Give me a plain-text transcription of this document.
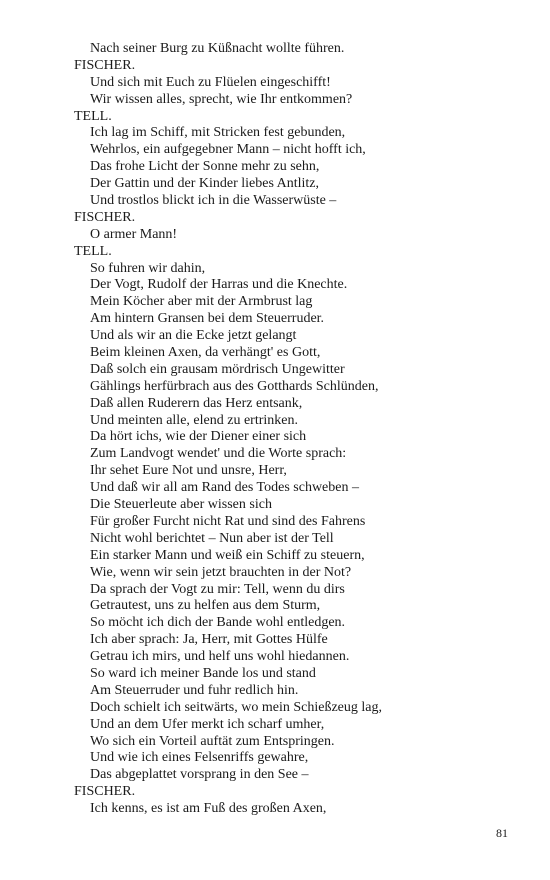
Nach seiner Burg zu Küßnacht wollte führen.
FISCHER.
Und sich mit Euch zu Flüelen eingeschifft!
Wir wissen alles, sprecht, wie Ihr entkommen?
TELL.
Ich lag im Schiff, mit Stricken fest gebunden,
Wehrlos, ein aufgegebner Mann – nicht hofft ich,
Das frohe Licht der Sonne mehr zu sehn,
Der Gattin und der Kinder liebes Antlitz,
Und trostlos blickt ich in die Wasserwüste –
FISCHER.
O armer Mann!
TELL.
So fuhren wir dahin,
Der Vogt, Rudolf der Harras und die Knechte.
Mein Köcher aber mit der Armbrust lag
Am hintern Gransen bei dem Steuerruder.
Und als wir an die Ecke jetzt gelangt
Beim kleinen Axen, da verhängt' es Gott,
Daß solch ein grausam mördrisch Ungewitter
Gählings herfürbrach aus des Gotthards Schlünden,
Daß allen Ruderern das Herz entsank,
Und meinten alle, elend zu ertrinken.
Da hört ichs, wie der Diener einer sich
Zum Landvogt wendet' und die Worte sprach:
Ihr sehet Eure Not und unsre, Herr,
Und daß wir all am Rand des Todes schweben –
Die Steuerleute aber wissen sich
Für großer Furcht nicht Rat und sind des Fahrens
Nicht wohl berichtet – Nun aber ist der Tell
Ein starker Mann und weiß ein Schiff zu steuern,
Wie, wenn wir sein jetzt brauchten in der Not?
Da sprach der Vogt zu mir: Tell, wenn du dirs
Getrautest, uns zu helfen aus dem Sturm,
So möcht ich dich der Bande wohl entledgen.
Ich aber sprach: Ja, Herr, mit Gottes Hülfe
Getrau ich mirs, und helf uns wohl hiedannen.
So ward ich meiner Bande los und stand
Am Steuerruder und fuhr redlich hin.
Doch schielt ich seitwärts, wo mein Schießzeug lag,
Und an dem Ufer merkt ich scharf umher,
Wo sich ein Vorteil auftät zum Entspringen.
Und wie ich eines Felsenriffs gewahre,
Das abgeplattet vorsprang in den See –
FISCHER.
Ich kenns, es ist am Fuß des großen Axen,
81
